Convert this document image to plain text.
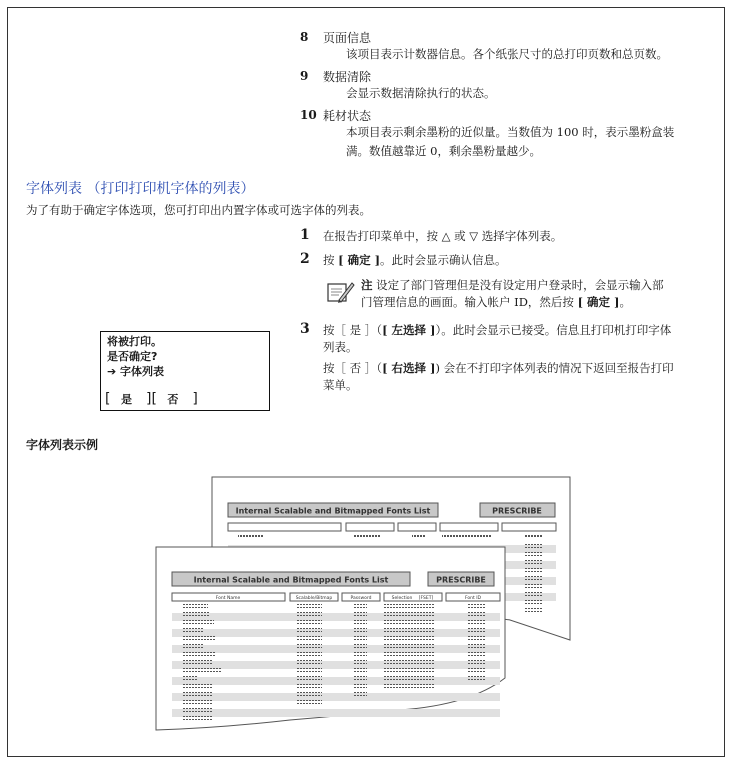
8 页面信息
该项目表示计数器信息。各个纸张尺寸的总打印页数和总页数。
9 数据清除
会显示数据清除执行的状态。
10 耗材状态
本项目表示剩余墨粉的近似量。当数值为 100 时，表示墨粉盒装
满。数值越靠近 0，剩余墨粉量越少。
字体列表 （打印打印机字体的列表）
为了有助于确定字体选项，您可打印出内置字体或可选字体的列表。
1 在报告打印菜单中，按 △ 或 ▽ 选择字体列表。
2 按 [ 确定 ]。此时会显示确认信息。
注 设定了部门管理但是没有设定用户登录时，会显示输入部
门管理信息的画面。输入帐户 ID，然后按 [ 确定 ]。
3 按［ 是 ］（[ 左选择 ]）。此时会显示已接受。信息且打印机打印字体
列表。
按［ 否 ］（[ 右选择 ]) 会在不打印字体列表的情况下返回至报告打印
菜单。
将被打印。
是否确定?
➔ 字体列表
[ 是 ][ 否 ]
字体列表示例
Internal Scalable and Bitmapped Fonts List	PRESCRIBE
Internal Scalable and Bitmapped Fonts List	PRESCRIBE
Font Name	Scalable/Bitmap	Password	Selection [FSET]	Font ID
